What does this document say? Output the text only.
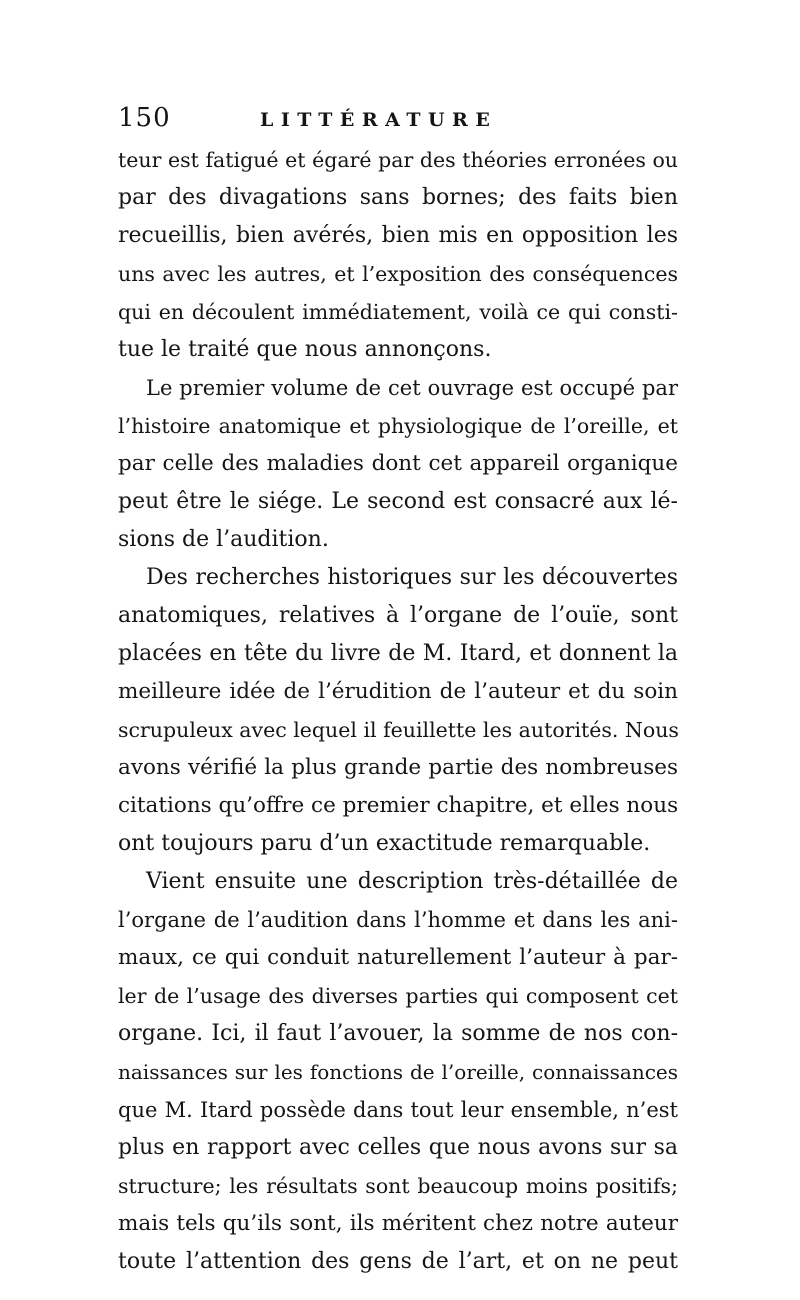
150	LITTÉRATURE
teur est fatigué et égaré par des théories erronées ou
par des divagations sans bornes; des faits bien
recueillis, bien avérés, bien mis en opposition les
uns avec les autres, et l’exposition des conséquences
qui en découlent immédiatement, voilà ce qui consti-
tue le traité que nous annonçons.
Le premier volume de cet ouvrage est occupé par
l’histoire anatomique et physiologique de l’oreille, et
par celle des maladies dont cet appareil organique
peut être le siége. Le second est consacré aux lé-
sions de l’audition.
Des recherches historiques sur les découvertes
anatomiques, relatives à l’organe de l’ouïe, sont
placées en tête du livre de M. Itard, et donnent la
meilleure idée de l’érudition de l’auteur et du soin
scrupuleux avec lequel il feuillette les autorités. Nous
avons vérifié la plus grande partie des nombreuses
citations qu’offre ce premier chapitre, et elles nous
ont toujours paru d’un exactitude remarquable.
Vient ensuite une description très-détaillée de
l’organe de l’audition dans l’homme et dans les ani-
maux, ce qui conduit naturellement l’auteur à par-
ler de l’usage des diverses parties qui composent cet
organe. Ici, il faut l’avouer, la somme de nos con-
naissances sur les fonctions de l’oreille, connaissances
que M. Itard possède dans tout leur ensemble, n’est
plus en rapport avec celles que nous avons sur sa
structure; les résultats sont beaucoup moins positifs;
mais tels qu’ils sont, ils méritent chez notre auteur
toute l’attention des gens de l’art, et on ne peut
